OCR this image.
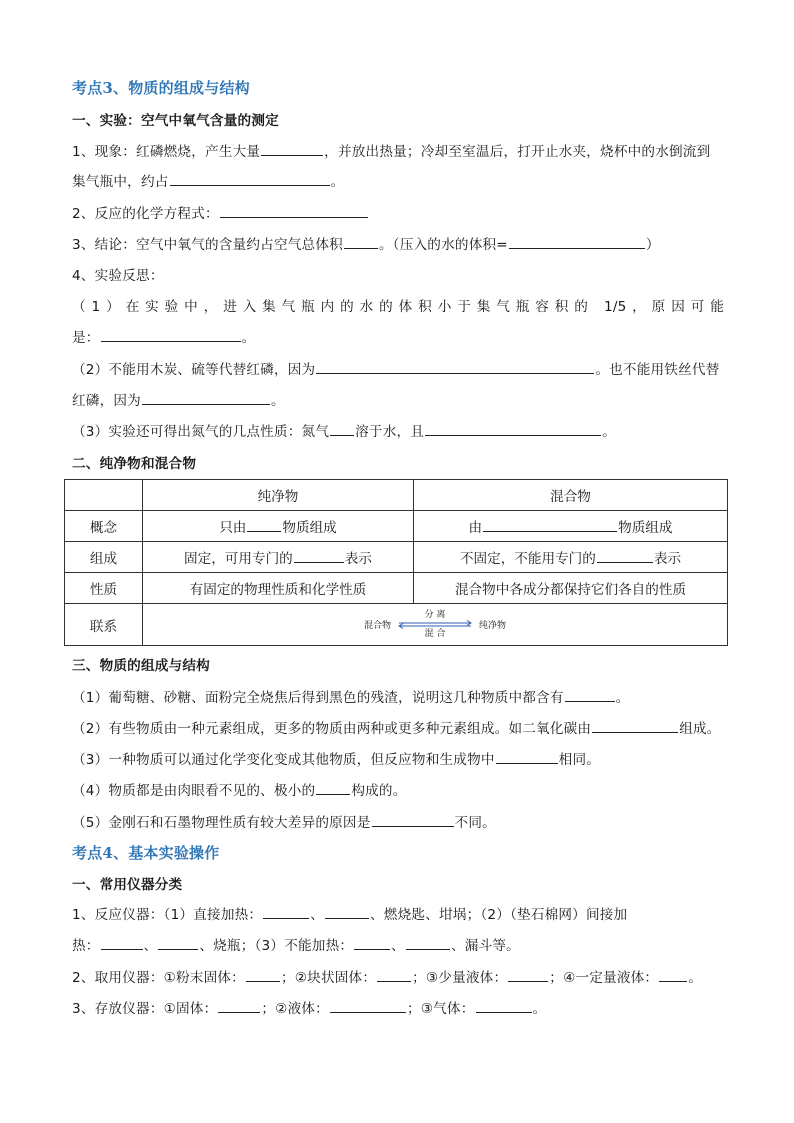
考点3、物质的组成与结构
一、实验：空气中氧气含量的测定
1、现象：红磷燃烧，产生大量	，并放出热量；冷却至室温后，打开止水夹，烧杯中的水倒流到
集气瓶中，约占	。
2、反应的化学方程式：
3、结论：空气中氧气的含量约占空气总体积	。（压入的水的体积=	）
4、实验反思：
（1）在实验中，进入集气瓶内的水的体积小于集气瓶容积的 1/5，原因可能
是：	。
（2）不能用木炭、硫等代替红磷，因为	。也不能用铁丝代替
红磷，因为	。
（3）实验还可得出氮气的几点性质：氮气 溶于水，且	。
二、纯净物和混合物
	纯净物	混合物
概念	只由 物质组成	由 物质组成
组成	固定，可用专门的 表示	不固定，不能用专门的 表示
性质	有固定的物理性质和化学性质	混合物中各成分都保持它们各自的性质
联系	混合物
分 离
混 合
纯净物	
三、物质的组成与结构
（1）葡萄糖、砂糖、面粉完全烧焦后得到黑色的残渣，说明这几种物质中都含有	。
（2）有些物质由一种元素组成，更多的物质由两种或更多种元素组成。如二氧化碳由	组成。
（3）一种物质可以通过化学变化变成其他物质，但反应物和生成物中	相同。
（4）物质都是由肉眼看不见的、极小的	构成的。
（5）金刚石和石墨物理性质有较大差异的原因是	不同。
考点4、基本实验操作
一、常用仪器分类
1、反应仪器：（1）直接加热：	、	、燃烧匙、坩埚；（2）（垫石棉网）间接加
热：	、	、烧瓶；（3）不能加热：	、	、漏斗等。
2、取用仪器：①粉末固体：	；②块状固体：	；③少量液体：	；④一定量液体： 。
3、存放仪器：①固体：	；②液体：	；③气体：	。
